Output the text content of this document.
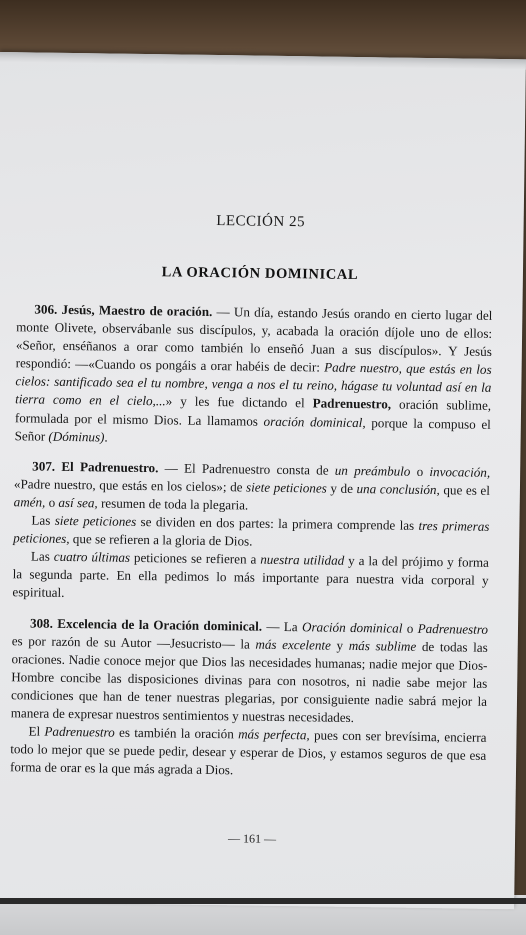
LECCIÓN 25
LA ORACIÓN DOMINICAL

306. Jesús, Maestro de oración. — Un día, estando Jesús orando en cierto lugar del monte Olivete, observábanle sus discípulos, y, acabada la oración díjole uno de ellos: «Señor, enséñanos a orar como también lo enseñó Juan a sus discípulos». Y Jesús respondió: —«Cuando os pongáis a orar habéis de decir: Padre nuestro, que estás en los cielos: santificado sea el tu nombre, venga a nos el tu reino, hágase tu voluntad así en la tierra como en el cielo,...» y les fue dictando el Padrenuestro, oración sublime, formulada por el mismo Dios. La llamamos oración dominical, porque la compuso el Señor (Dóminus).

307. El Padrenuestro. — El Padrenuestro consta de un preámbulo o invocación, «Padre nuestro, que estás en los cielos»; de siete peticiones y de una conclusión, que es el amén, o así sea, resumen de toda la plegaria.

Las siete peticiones se dividen en dos partes: la primera comprende las tres primeras peticiones, que se refieren a la gloria de Dios.

Las cuatro últimas peticiones se refieren a nuestra utilidad y a la del prójimo y forma la segunda parte. En ella pedimos lo más importante para nuestra vida corporal y espiritual.

308. Excelencia de la Oración dominical. — La Oración dominical o Padrenuestro es por razón de su Autor —Jesucristo— la más excelente y más sublime de todas las oraciones. Nadie conoce mejor que Dios las necesidades humanas; nadie mejor que Dios-Hombre concibe las disposiciones divinas para con nosotros, ni nadie sabe mejor las condiciones que han de tener nuestras plegarias, por consiguiente nadie sabrá mejor la manera de expresar nuestros sentimientos y nuestras necesidades.

El Padrenuestro es también la oración más perfecta, pues con ser brevísima, encierra todo lo mejor que se puede pedir, desear y esperar de Dios, y estamos seguros de que esa forma de orar es la que más agrada a Dios.

— 161 —
